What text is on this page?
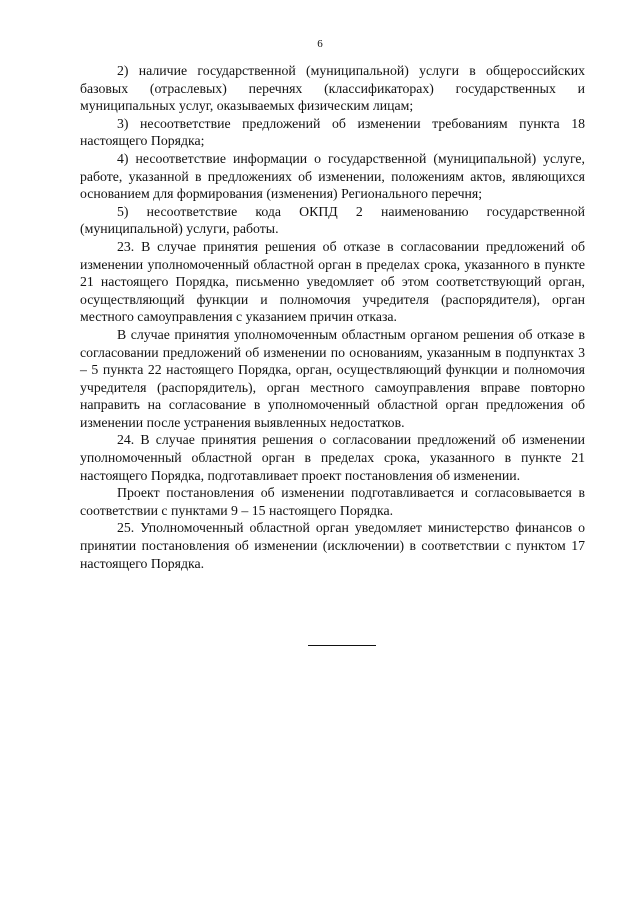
6

2) наличие государственной (муниципальной) услуги в общероссийских базовых (отраслевых) перечнях (классификаторах) государственных и муниципальных услуг, оказываемых физическим лицам;

3) несоответствие предложений об изменении требованиям пункта 18 настоящего Порядка;

4) несоответствие информации о государственной (муниципальной) услуге, работе, указанной в предложениях об изменении, положениям актов, являющихся основанием для формирования (изменения) Регионального перечня;

5) несоответствие кода ОКПД 2 наименованию государственной (муниципальной) услуги, работы.

23. В случае принятия решения об отказе в согласовании предложений об изменении уполномоченный областной орган в пределах срока, указанного в пункте 21 настоящего Порядка, письменно уведомляет об этом соответствующий орган, осуществляющий функции и полномочия учредителя (распорядителя), орган местного самоуправления с указанием причин отказа.

В случае принятия уполномоченным областным органом решения об отказе в согласовании предложений об изменении по основаниям, указанным в подпунктах 3 – 5 пункта 22 настоящего Порядка, орган, осуществляющий функции и полномочия учредителя (распорядитель), орган местного самоуправления вправе повторно направить на согласование в уполномоченный областной орган предложения об изменении после устранения выявленных недостатков.

24. В случае принятия решения о согласовании предложений об изменении уполномоченный областной орган в пределах срока, указанного в пункте 21 настоящего Порядка, подготавливает проект постановления об изменении.

Проект постановления об изменении подготавливается и согласовывается в соответствии с пунктами 9 – 15 настоящего Порядка.

25. Уполномоченный областной орган уведомляет министерство финансов о принятии постановления об изменении (исключении) в соответствии с пунктом 17 настоящего Порядка.
